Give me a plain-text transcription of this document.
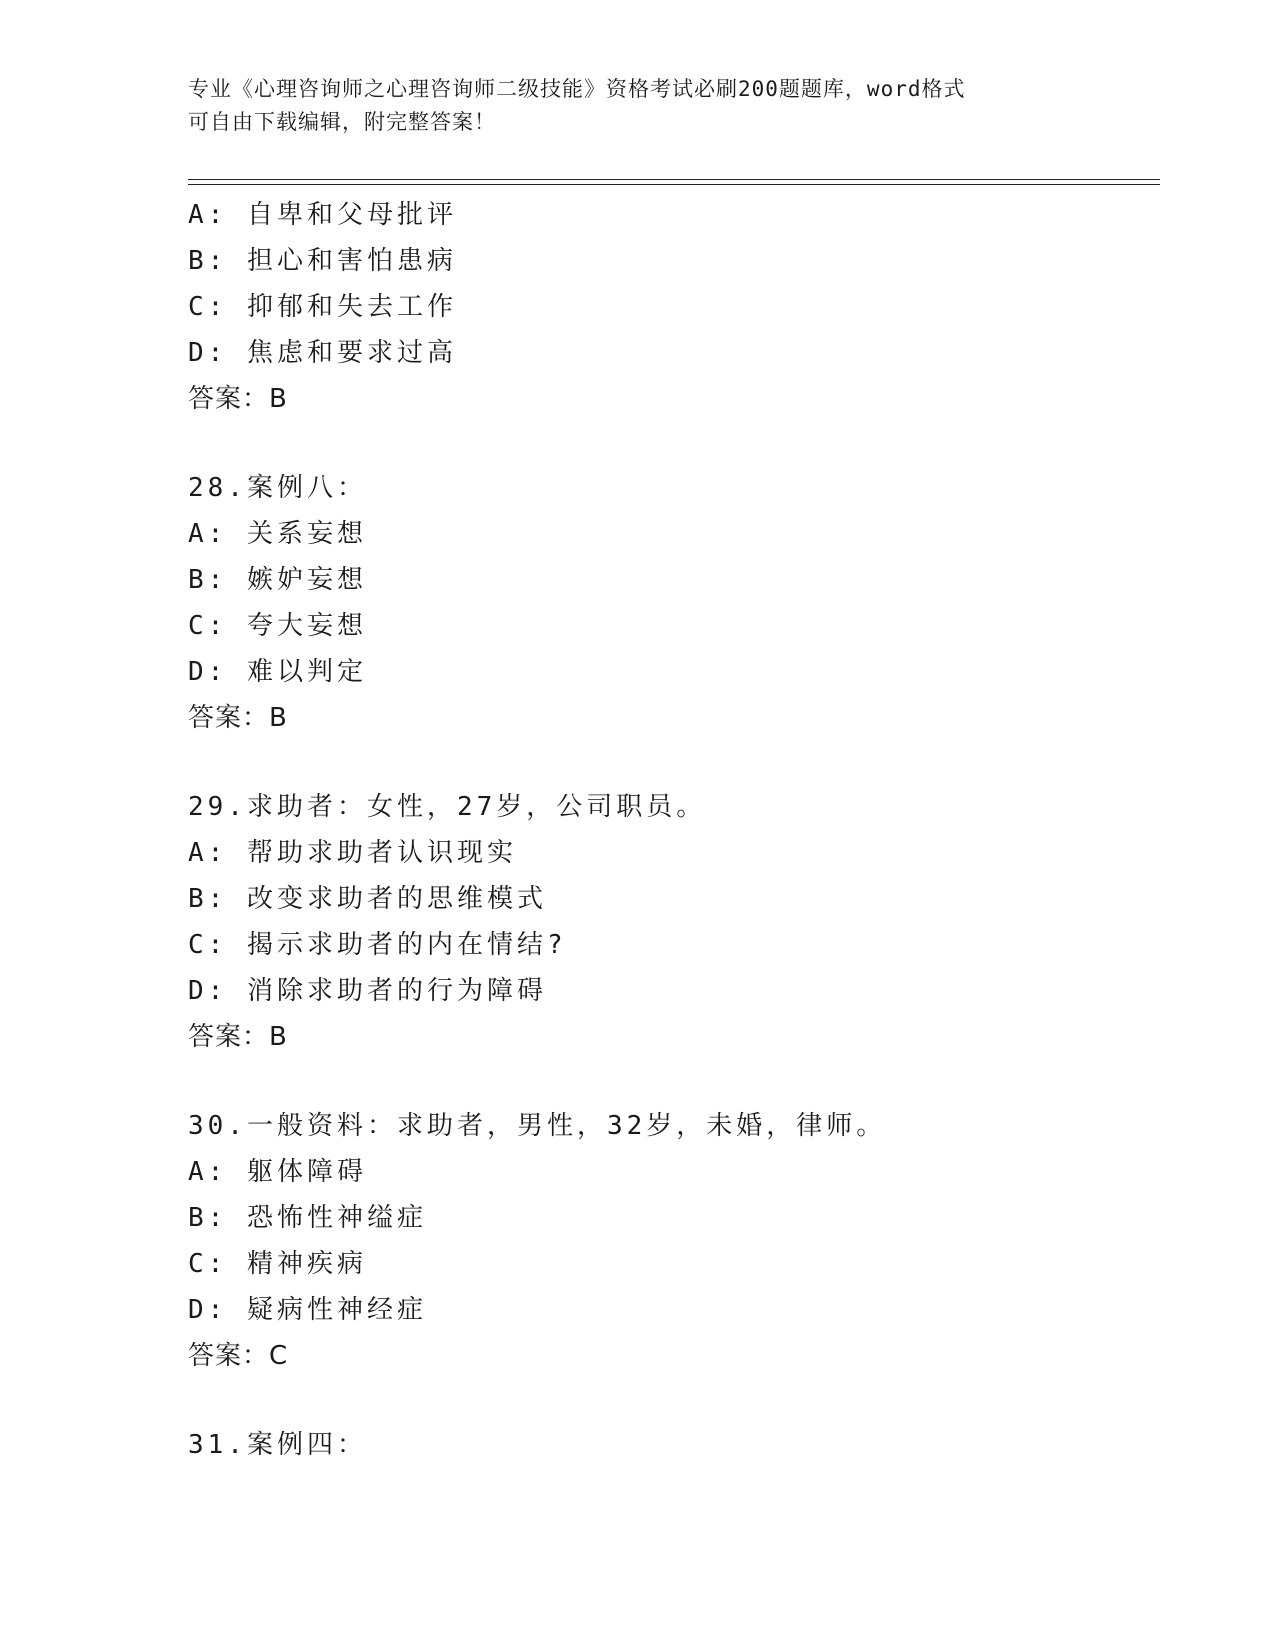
专业《心理咨询师之心理咨询师二级技能》资格考试必刷200题题库，word格式
可自由下载编辑，附完整答案！
A: 自卑和父母批评
B: 担心和害怕患病
C: 抑郁和失去工作
D: 焦虑和要求过高
答案：B
28.案例八：
A: 关系妄想
B: 嫉妒妄想
C: 夸大妄想
D: 难以判定
答案：B
29.求助者：女性，27岁，公司职员。
A: 帮助求助者认识现实
B: 改变求助者的思维模式
C: 揭示求助者的内在情结?
D: 消除求助者的行为障碍
答案：B
30.一般资料：求助者，男性，32岁，未婚，律师。
A: 躯体障碍
B: 恐怖性神缢症
C: 精神疾病
D: 疑病性神经症
答案：C
31.案例四：
